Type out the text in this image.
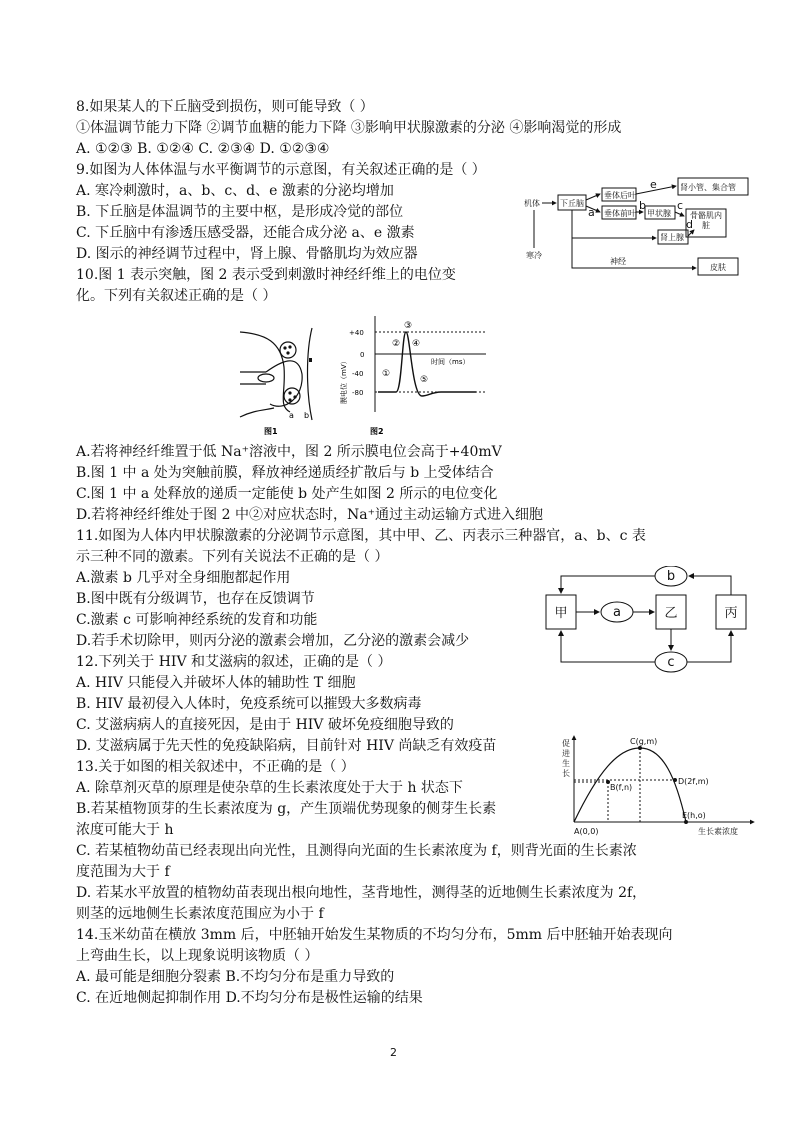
8.如果某人的下丘脑受到损伤，则可能导致（ ）
①体温调节能力下降 ②调节血糖的能力下降 ③影响甲状腺激素的分泌 ④影响渴觉的形成
A. ①②③ B. ①②④ C. ②③④ D. ①②③④
9.如图为人体体温与水平衡调节的示意图，有关叙述正确的是（ ）
A. 寒冷刺激时，a、b、c、d、e 激素的分泌均增加
B. 下丘脑是体温调节的主要中枢，是形成冷觉的部位
C. 下丘脑中有渗透压感受器，还能合成分泌 a、e 激素
D. 图示的神经调节过程中，肾上腺、骨骼肌均为效应器
10.图 1 表示突触，图 2 表示受到刺激时神经纤维上的电位变
化。下列有关叙述正确的是（ ）
A.若将神经纤维置于低 Na⁺溶液中，图 2 所示膜电位会高于+40mV
B.图 1 中 a 处为突触前膜，释放神经递质经扩散后与 b 上受体结合
C.图 1 中 a 处释放的递质一定能使 b 处产生如图 2 所示的电位变化
D.若将神经纤维处于图 2 中②对应状态时，Na⁺通过主动运输方式进入细胞
11.如图为人体内甲状腺激素的分泌调节示意图，其中甲、乙、丙表示三种器官，a、b、c 表
示三种不同的激素。下列有关说法不正确的是（ ）
A.激素 b 几乎对全身细胞都起作用
B.图中既有分级调节，也存在反馈调节
C.激素 c 可影响神经系统的发育和功能
D.若手术切除甲，则丙分泌的激素会增加，乙分泌的激素会减少
12.下列关于 HIV 和艾滋病的叙述，正确的是（ ）
A. HIV 只能侵入并破坏人体的辅助性 T 细胞
B. HIV 最初侵入人体时，免疫系统可以摧毁大多数病毒
C. 艾滋病病人的直接死因，是由于 HIV 破坏免疫细胞导致的
D. 艾滋病属于先天性的免疫缺陷病，目前针对 HIV 尚缺乏有效疫苗
13.关于如图的相关叙述中，不正确的是（ ）
A. 除草剂灭草的原理是使杂草的生长素浓度处于大于 h 状态下
B.若某植物顶芽的生长素浓度为 g，产生顶端优势现象的侧芽生长素
浓度可能大于 h
C. 若某植物幼苗已经表现出向光性，且测得向光面的生长素浓度为 f，则背光面的生长素浓
度范围为大于 f
D. 若某水平放置的植物幼苗表现出根向地性，茎背地性，测得茎的近地侧生长素浓度为 2f，
则茎的远地侧生长素浓度范围应为小于 f
14.玉米幼苗在横放 3mm 后，中胚轴开始发生某物质的不均匀分布，5mm 后中胚轴开始表现向
上弯曲生长，以上现象说明该物质（ ）
A. 最可能是细胞分裂素 B.不均匀分布是重力导致的
C. 在近地侧起抑制作用 D.不均匀分布是极性运输的结果
机体
寒冷
下丘脑
垂体后叶
垂体前叶 甲状腺
肾小管、集合管
肾上腺
皮肤
神经
骨骼肌内脏
e
a
b	c
d
a b
图1
+40
0
-40
-80
时间（ms）
膜电位（mV）	①
②
③
④
⑤
图2
甲	乙	丙
a
b
c
促
进
生
长
生长素浓度
A(0,0)
B(f,n)
C(g,m)
D(2f,m)
E(h,o)
2
